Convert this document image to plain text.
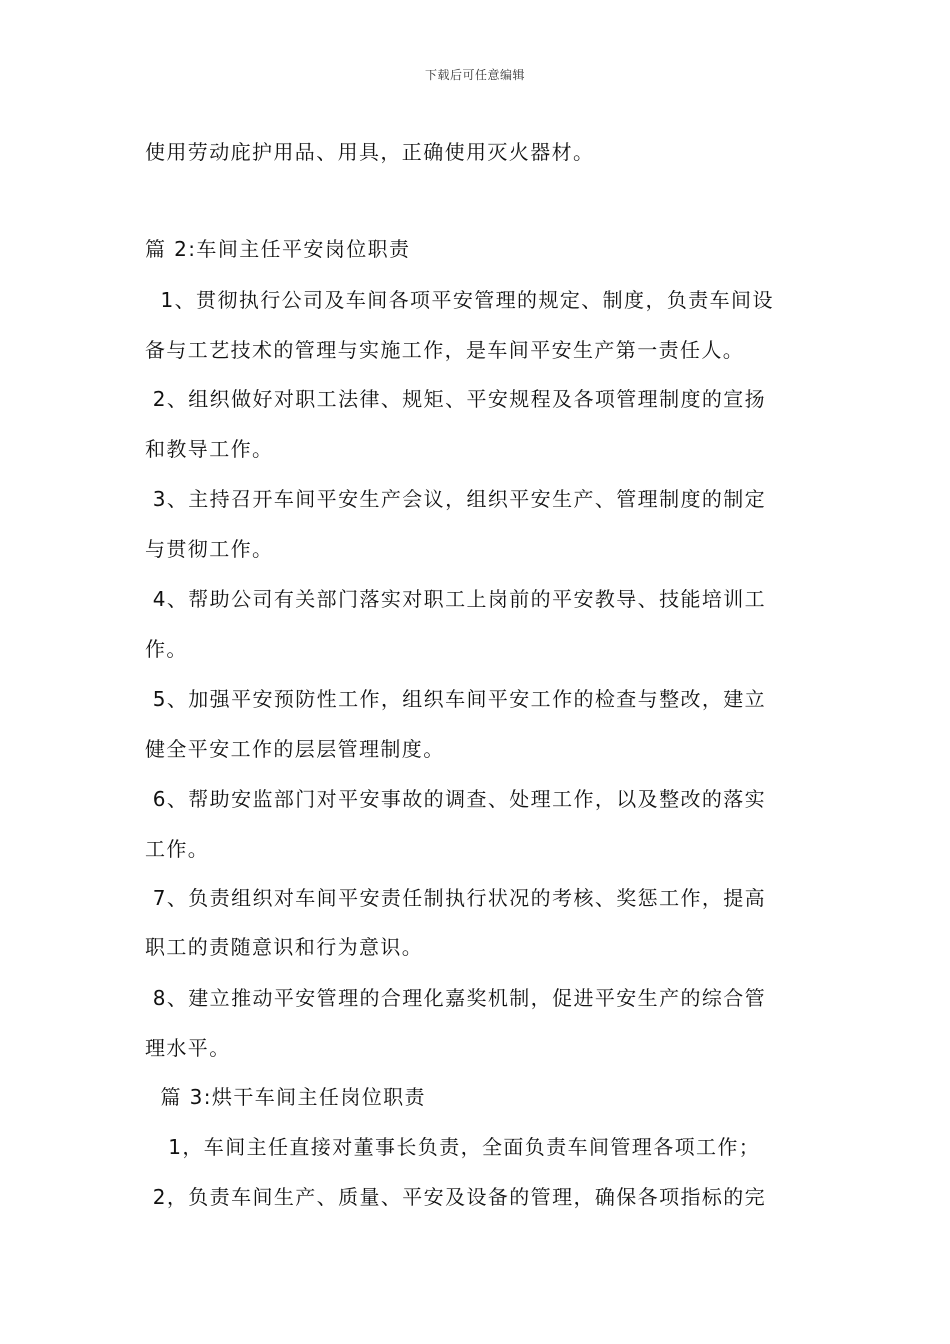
下载后可任意编辑
使用劳动庇护用品、用具，正确使用灭火器材。
篇 2:车间主任平安岗位职责
1、贯彻执行公司及车间各项平安管理的规定、制度，负责车间设
备与工艺技术的管理与实施工作，是车间平安生产第一责任人。
2、组织做好对职工法律、规矩、平安规程及各项管理制度的宣扬
和教导工作。
3、主持召开车间平安生产会议，组织平安生产、管理制度的制定
与贯彻工作。
4、帮助公司有关部门落实对职工上岗前的平安教导、技能培训工
作。
5、加强平安预防性工作，组织车间平安工作的检查与整改，建立
健全平安工作的层层管理制度。
6、帮助安监部门对平安事故的调查、处理工作，以及整改的落实
工作。
7、负责组织对车间平安责任制执行状况的考核、奖惩工作，提高
职工的责随意识和行为意识。
8、建立推动平安管理的合理化嘉奖机制，促进平安生产的综合管
理水平。
篇 3:烘干车间主任岗位职责
1，车间主任直接对董事长负责，全面负责车间管理各项工作；
2，负责车间生产、质量、平安及设备的管理，确保各项指标的完
